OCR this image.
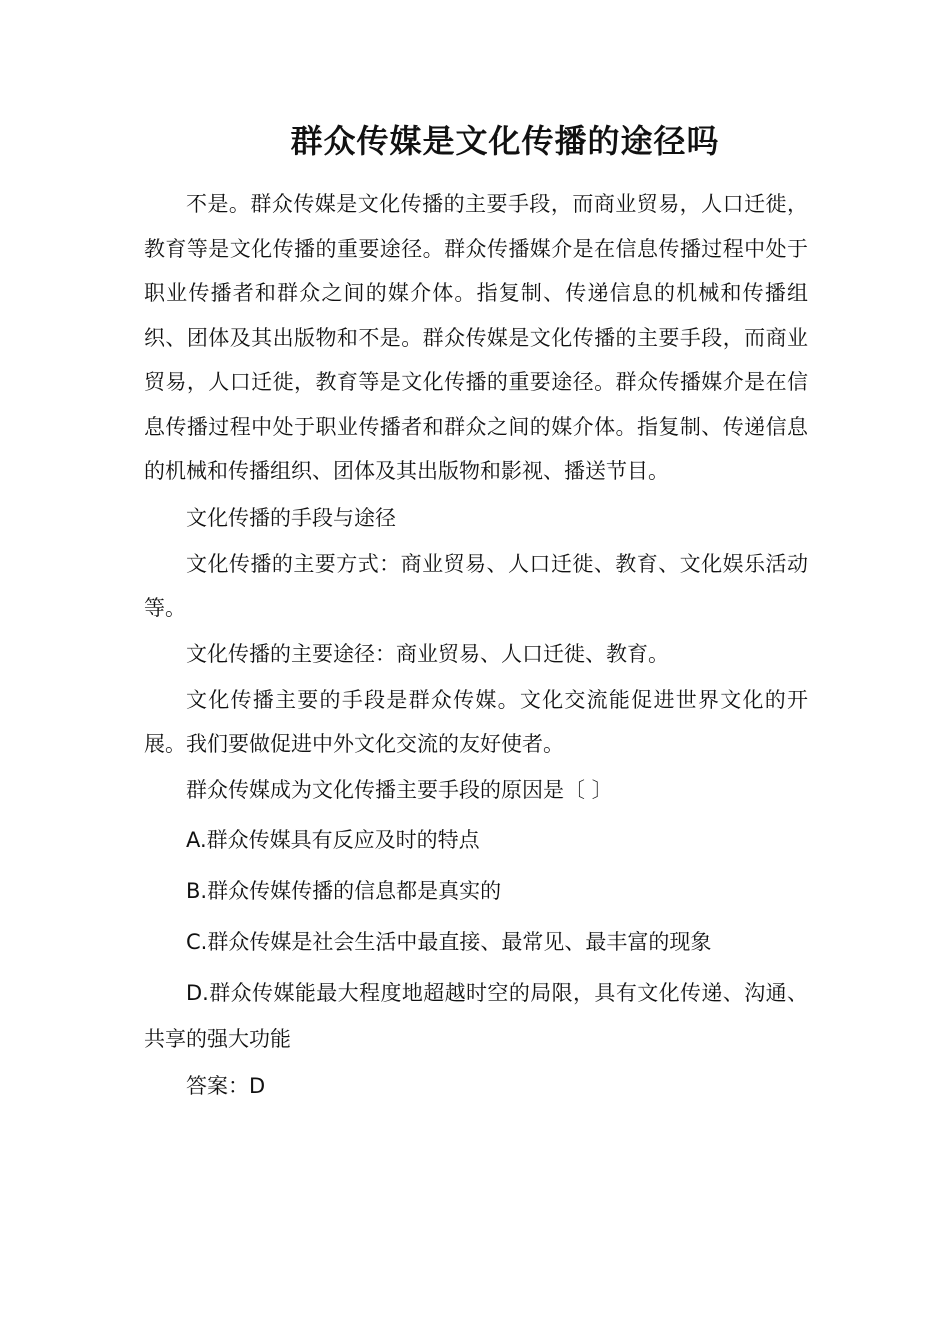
群众传媒是文化传播的途径吗

不是。群众传媒是文化传播的主要手段，而商业贸易，人口迁徙，教育等是文化传播的重要途径。群众传播媒介是在信息传播过程中处于职业传播者和群众之间的媒介体。指复制、传递信息的机械和传播组织、团体及其出版物和不是。群众传媒是文化传播的主要手段，而商业贸易，人口迁徙，教育等是文化传播的重要途径。群众传播媒介是在信息传播过程中处于职业传播者和群众之间的媒介体。指复制、传递信息的机械和传播组织、团体及其出版物和影视、播送节目。

文化传播的手段与途径

文化传播的主要方式：商业贸易、人口迁徙、教育、文化娱乐活动等。

文化传播的主要途径：商业贸易、人口迁徙、教育。

文化传播主要的手段是群众传媒。文化交流能促进世界文化的开展。我们要做促进中外文化交流的友好使者。

群众传媒成为文化传播主要手段的原因是〔 〕

A.群众传媒具有反应及时的特点

B.群众传媒传播的信息都是真实的

C.群众传媒是社会生活中最直接、最常见、最丰富的现象

D.群众传媒能最大程度地超越时空的局限，具有文化传递、沟通、共享的强大功能

答案：D
